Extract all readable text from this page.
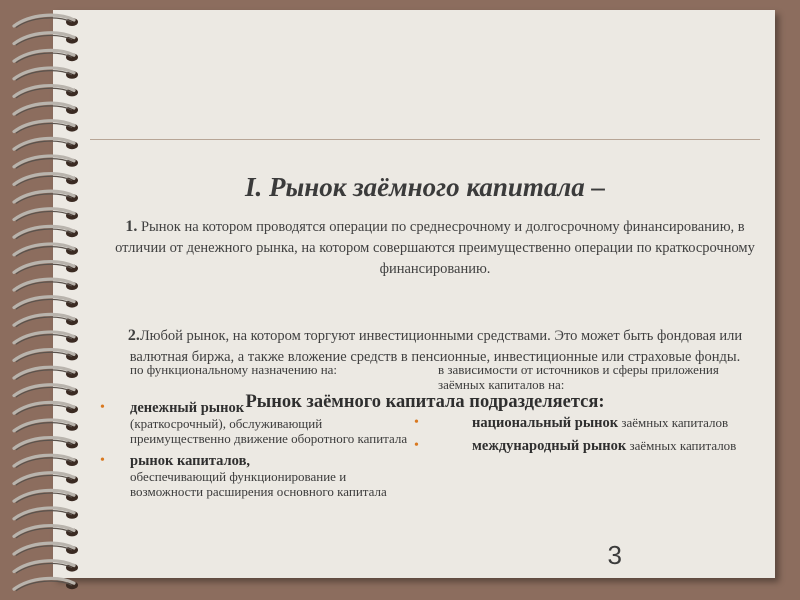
I. Рынок заёмного капитала –

1. Рынок на котором проводятся операции по среднесрочному и долгосрочному финансированию, в отличии от денежного рынка, на котором совершаются преимущественно операции по краткосрочному финансированию.

2.Любой рынок, на котором торгуют инвестиционными средствами. Это может быть фондовая или валютная биржа, а также вложение средств в пенсионные, инвестиционные или страховые фонды.

по функциональному назначению на:

• денежный рынок
(краткосрочный), обслуживающий преимущественно движение оборотного капитала
• рынок капиталов,
обеспечивающий функционирование и возможности расширения основного капитала

в зависимости от источников и сферы приложения заёмных капиталов на:

• национальный рынок заёмных капиталов
• международный рынок заёмных капиталов
Рынок заёмного капитала подразделяется:
3
